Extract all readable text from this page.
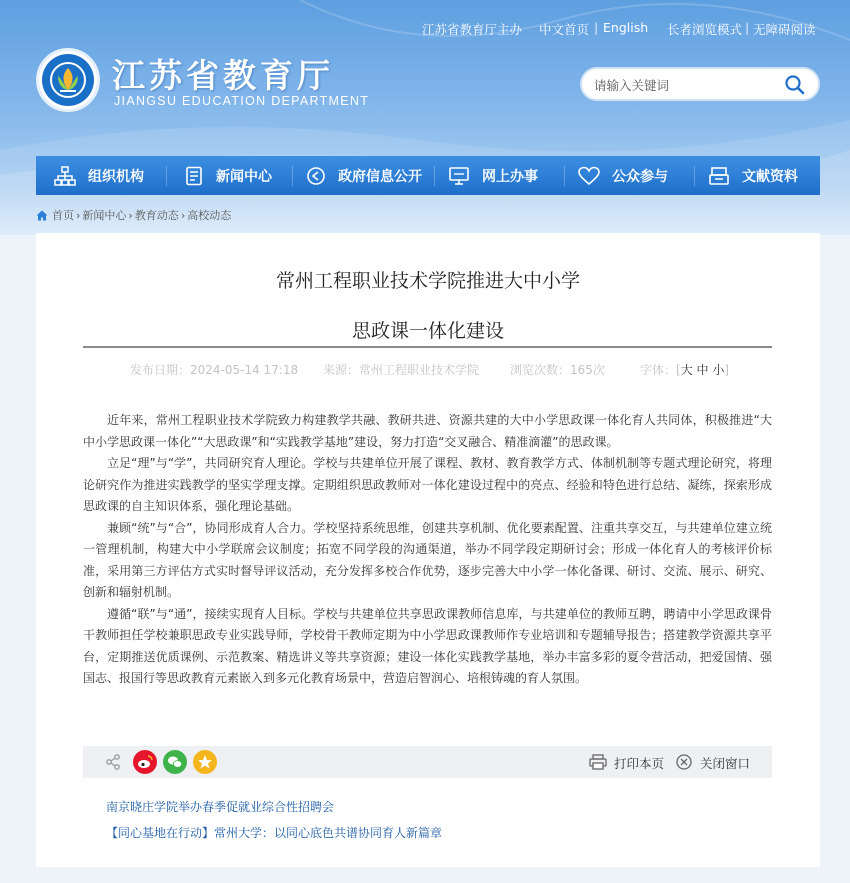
江苏省教育厅主办 中文首页 | English 长者浏览模式 | 无障碍阅读
江苏省教育厅
JIANGSU EDUCATION DEPARTMENT
请输入关键词
组织机构	新闻中心	政府信息公开	网上办事	公众参与	文献资料
首页 › 新闻中心 › 教育动态 › 高校动态
常州工程职业技术学院推进大中小学
思政课一体化建设
发布日期：2024-05-14 17:18 来源：常州工程职业技术学院	浏览次数：165次	字体：[大 中 小]

近年来，常州工程职业技术学院致力构建教学共融、教研共进、资源共建的大中小学思政课一体化育人共同体，积极推进“大中小学思政课一体化”“大思政课”和“实践教学基地”建设，努力打造“交叉融合、精准滴灌”的思政课。

立足“理”与“学”，共同研究育人理论。学校与共建单位开展了课程、教材、教育教学方式、体制机制等专题式理论研究，将理论研究作为推进实践教学的坚实学理支撑。定期组织思政教师对一体化建设过程中的亮点、经验和特色进行总结、凝练，探索形成思政课的自主知识体系，强化理论基础。

兼顾“统”与“合”，协同形成育人合力。学校坚持系统思维，创建共享机制、优化要素配置、注重共享交互，与共建单位建立统一管理机制，构建大中小学联席会议制度；拓宽不同学段的沟通渠道，举办不同学段定期研讨会；形成一体化育人的考核评价标准，采用第三方评估方式实时督导评议活动，充分发挥多校合作优势，逐步完善大中小学一体化备课、研讨、交流、展示、研究、创新和辐射机制。

遵循“联”与“通”，接续实现育人目标。学校与共建单位共享思政课教师信息库，与共建单位的教师互聘，聘请中小学思政课骨干教师担任学校兼职思政专业实践导师，学校骨干教师定期为中小学思政课教师作专业培训和专题辅导报告；搭建教学资源共享平台，定期推送优质课例、示范教案、精选讲义等共享资源；建设一体化实践教学基地，举办丰富多彩的夏令营活动，把爱国情、强国志、报国行等思政教育元素嵌入到多元化教育场景中，营造启智润心、培根铸魂的育人氛围。

打印本页	关闭窗口
南京晓庄学院举办春季促就业综合性招聘会
【同心基地在行动】常州大学：以同心底色共谱协同育人新篇章
